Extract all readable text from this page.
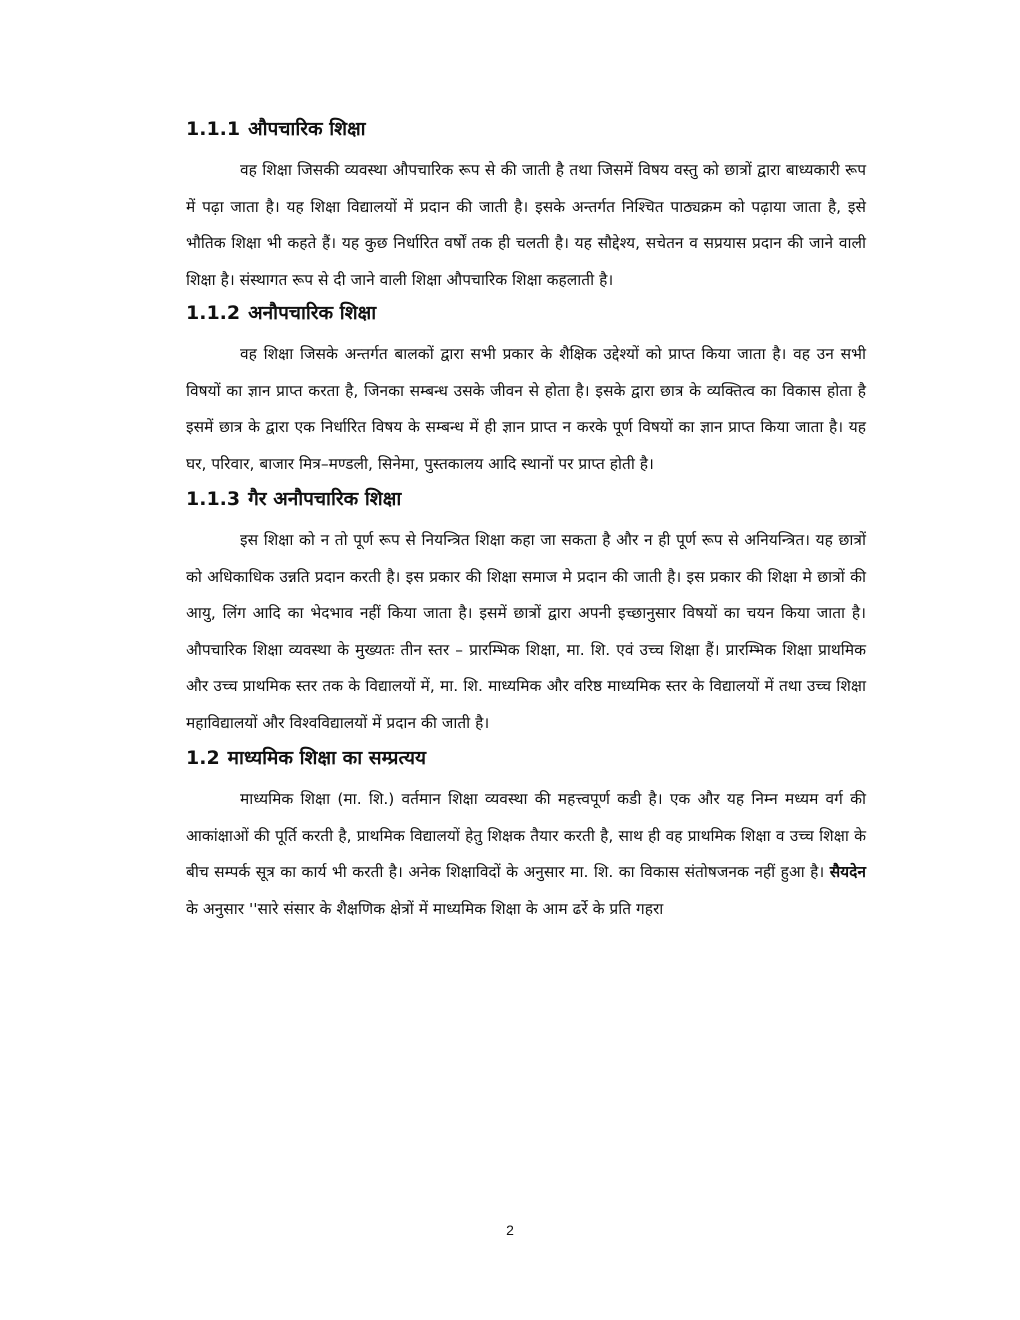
1.1.1 औपचारिक शिक्षा

वह शिक्षा जिसकी व्यवस्था औपचारिक रूप से की जाती है तथा जिसमें विषय वस्तु को छात्रों द्वारा बाध्यकारी रूप में पढ़ा जाता है। यह शिक्षा विद्यालयों में प्रदान की जाती है। इसके अन्तर्गत निश्चित पाठ्यक्रम को पढ़ाया जाता है, इसे भौतिक शिक्षा भी कहते हैं। यह कुछ निर्धारित वर्षों तक ही चलती है। यह सौद्देश्य, सचेतन व सप्रयास प्रदान की जाने वाली शिक्षा है। संस्थागत रूप से दी जाने वाली शिक्षा औपचारिक शिक्षा कहलाती है।

1.1.2 अनौपचारिक शिक्षा

वह शिक्षा जिसके अन्तर्गत बालकों द्वारा सभी प्रकार के शैक्षिक उद्देश्यों को प्राप्त किया जाता है। वह उन सभी विषयों का ज्ञान प्राप्त करता है, जिनका सम्बन्ध उसके जीवन से होता है। इसके द्वारा छात्र के व्यक्तित्व का विकास होता है इसमें छात्र के द्वारा एक निर्धारित विषय के सम्बन्ध में ही ज्ञान प्राप्त न करके पूर्ण विषयों का ज्ञान प्राप्त किया जाता है। यह घर, परिवार, बाजार मित्र–मण्डली, सिनेमा, पुस्तकालय आदि स्थानों पर प्राप्त होती है।

1.1.3 गैर अनौपचारिक शिक्षा

इस शिक्षा को न तो पूर्ण रूप से नियन्त्रित शिक्षा कहा जा सकता है और न ही पूर्ण रूप से अनियन्त्रित। यह छात्रों को अधिकाधिक उन्नति प्रदान करती है। इस प्रकार की शिक्षा समाज मे प्रदान की जाती है। इस प्रकार की शिक्षा मे छात्रों की आयु, लिंग आदि का भेदभाव नहीं किया जाता है। इसमें छात्रों द्वारा अपनी इच्छानुसार विषयों का चयन किया जाता है। औपचारिक शिक्षा व्यवस्था के मुख्यतः तीन स्तर – प्रारम्भिक शिक्षा, मा. शि. एवं उच्च शिक्षा हैं। प्रारम्भिक शिक्षा प्राथमिक और उच्च प्राथमिक स्तर तक के विद्यालयों में, मा. शि. माध्यमिक और वरिष्ठ माध्यमिक स्तर के विद्यालयों में तथा उच्च शिक्षा महाविद्यालयों और विश्वविद्यालयों में प्रदान की जाती है।

1.2 माध्यमिक शिक्षा का सम्प्रत्यय

माध्यमिक शिक्षा (मा. शि.) वर्तमान शिक्षा व्यवस्था की महत्त्वपूर्ण कडी है। एक और यह निम्न मध्यम वर्ग की आकांक्षाओं की पूर्ति करती है, प्राथमिक विद्यालयों हेतु शिक्षक तैयार करती है, साथ ही वह प्राथमिक शिक्षा व उच्च शिक्षा के बीच सम्पर्क सूत्र का कार्य भी करती है। अनेक शिक्षाविदों के अनुसार मा. शि. का विकास संतोषजनक नहीं हुआ है। सैयदेन के अनुसार ''सारे संसार के शैक्षणिक क्षेत्रों में माध्यमिक शिक्षा के आम ढर्रे के प्रति गहरा

2
